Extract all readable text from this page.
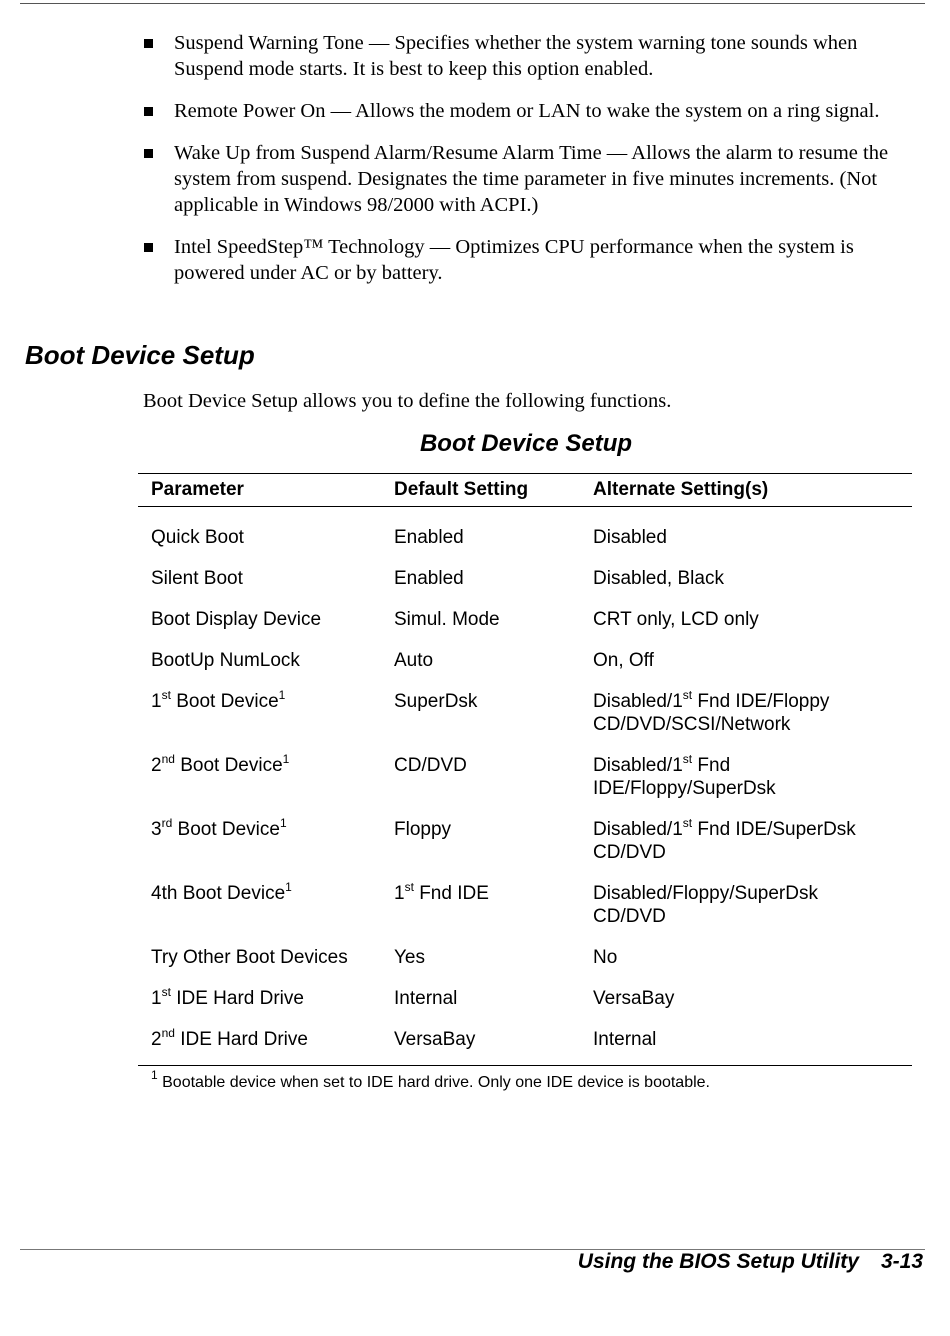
Suspend Warning Tone — Specifies whether the system warning tone sounds when Suspend mode starts. It is best to keep this option enabled.
Remote Power On — Allows the modem or LAN to wake the system on a ring signal.
Wake Up from Suspend Alarm/Resume Alarm Time — Allows the alarm to resume the system from suspend. Designates the time parameter in five minutes increments. (Not applicable in Windows 98/2000 with ACPI.)
Intel SpeedStep™ Technology — Optimizes CPU performance when the system is powered under AC or by battery.
Boot Device Setup

Boot Device Setup allows you to define the following functions.

Boot Device Setup
Parameter	Default Setting	Alternate Setting(s)

Quick Boot	Enabled	Disabled
Silent Boot	Enabled	Disabled, Black
Boot Display Device	Simul. Mode	CRT only, LCD only
BootUp NumLock	Auto	On, Off
1st Boot Device$^1$	SuperDsk	Disabled/1st Fnd IDE/Floppy
CD/DVD/SCSI/Network
2nd Boot Device$^1$	CD/DVD	Disabled/1st Fnd
IDE/Floppy/SuperDsk
3rd Boot Device$^1$	Floppy	Disabled/1st Fnd IDE/SuperDsk
CD/DVD
4th Boot Device$^1$	1st Fnd IDE	Disabled/Floppy/SuperDsk
CD/DVD
Try Other Boot Devices	Yes	No
1st IDE Hard Drive	Internal	VersaBay
2nd IDE Hard Drive	VersaBay	Internal

$^1$ Bootable device when set to IDE hard drive. Only one IDE device is bootable.

Using the BIOS Setup Utility 3-13
